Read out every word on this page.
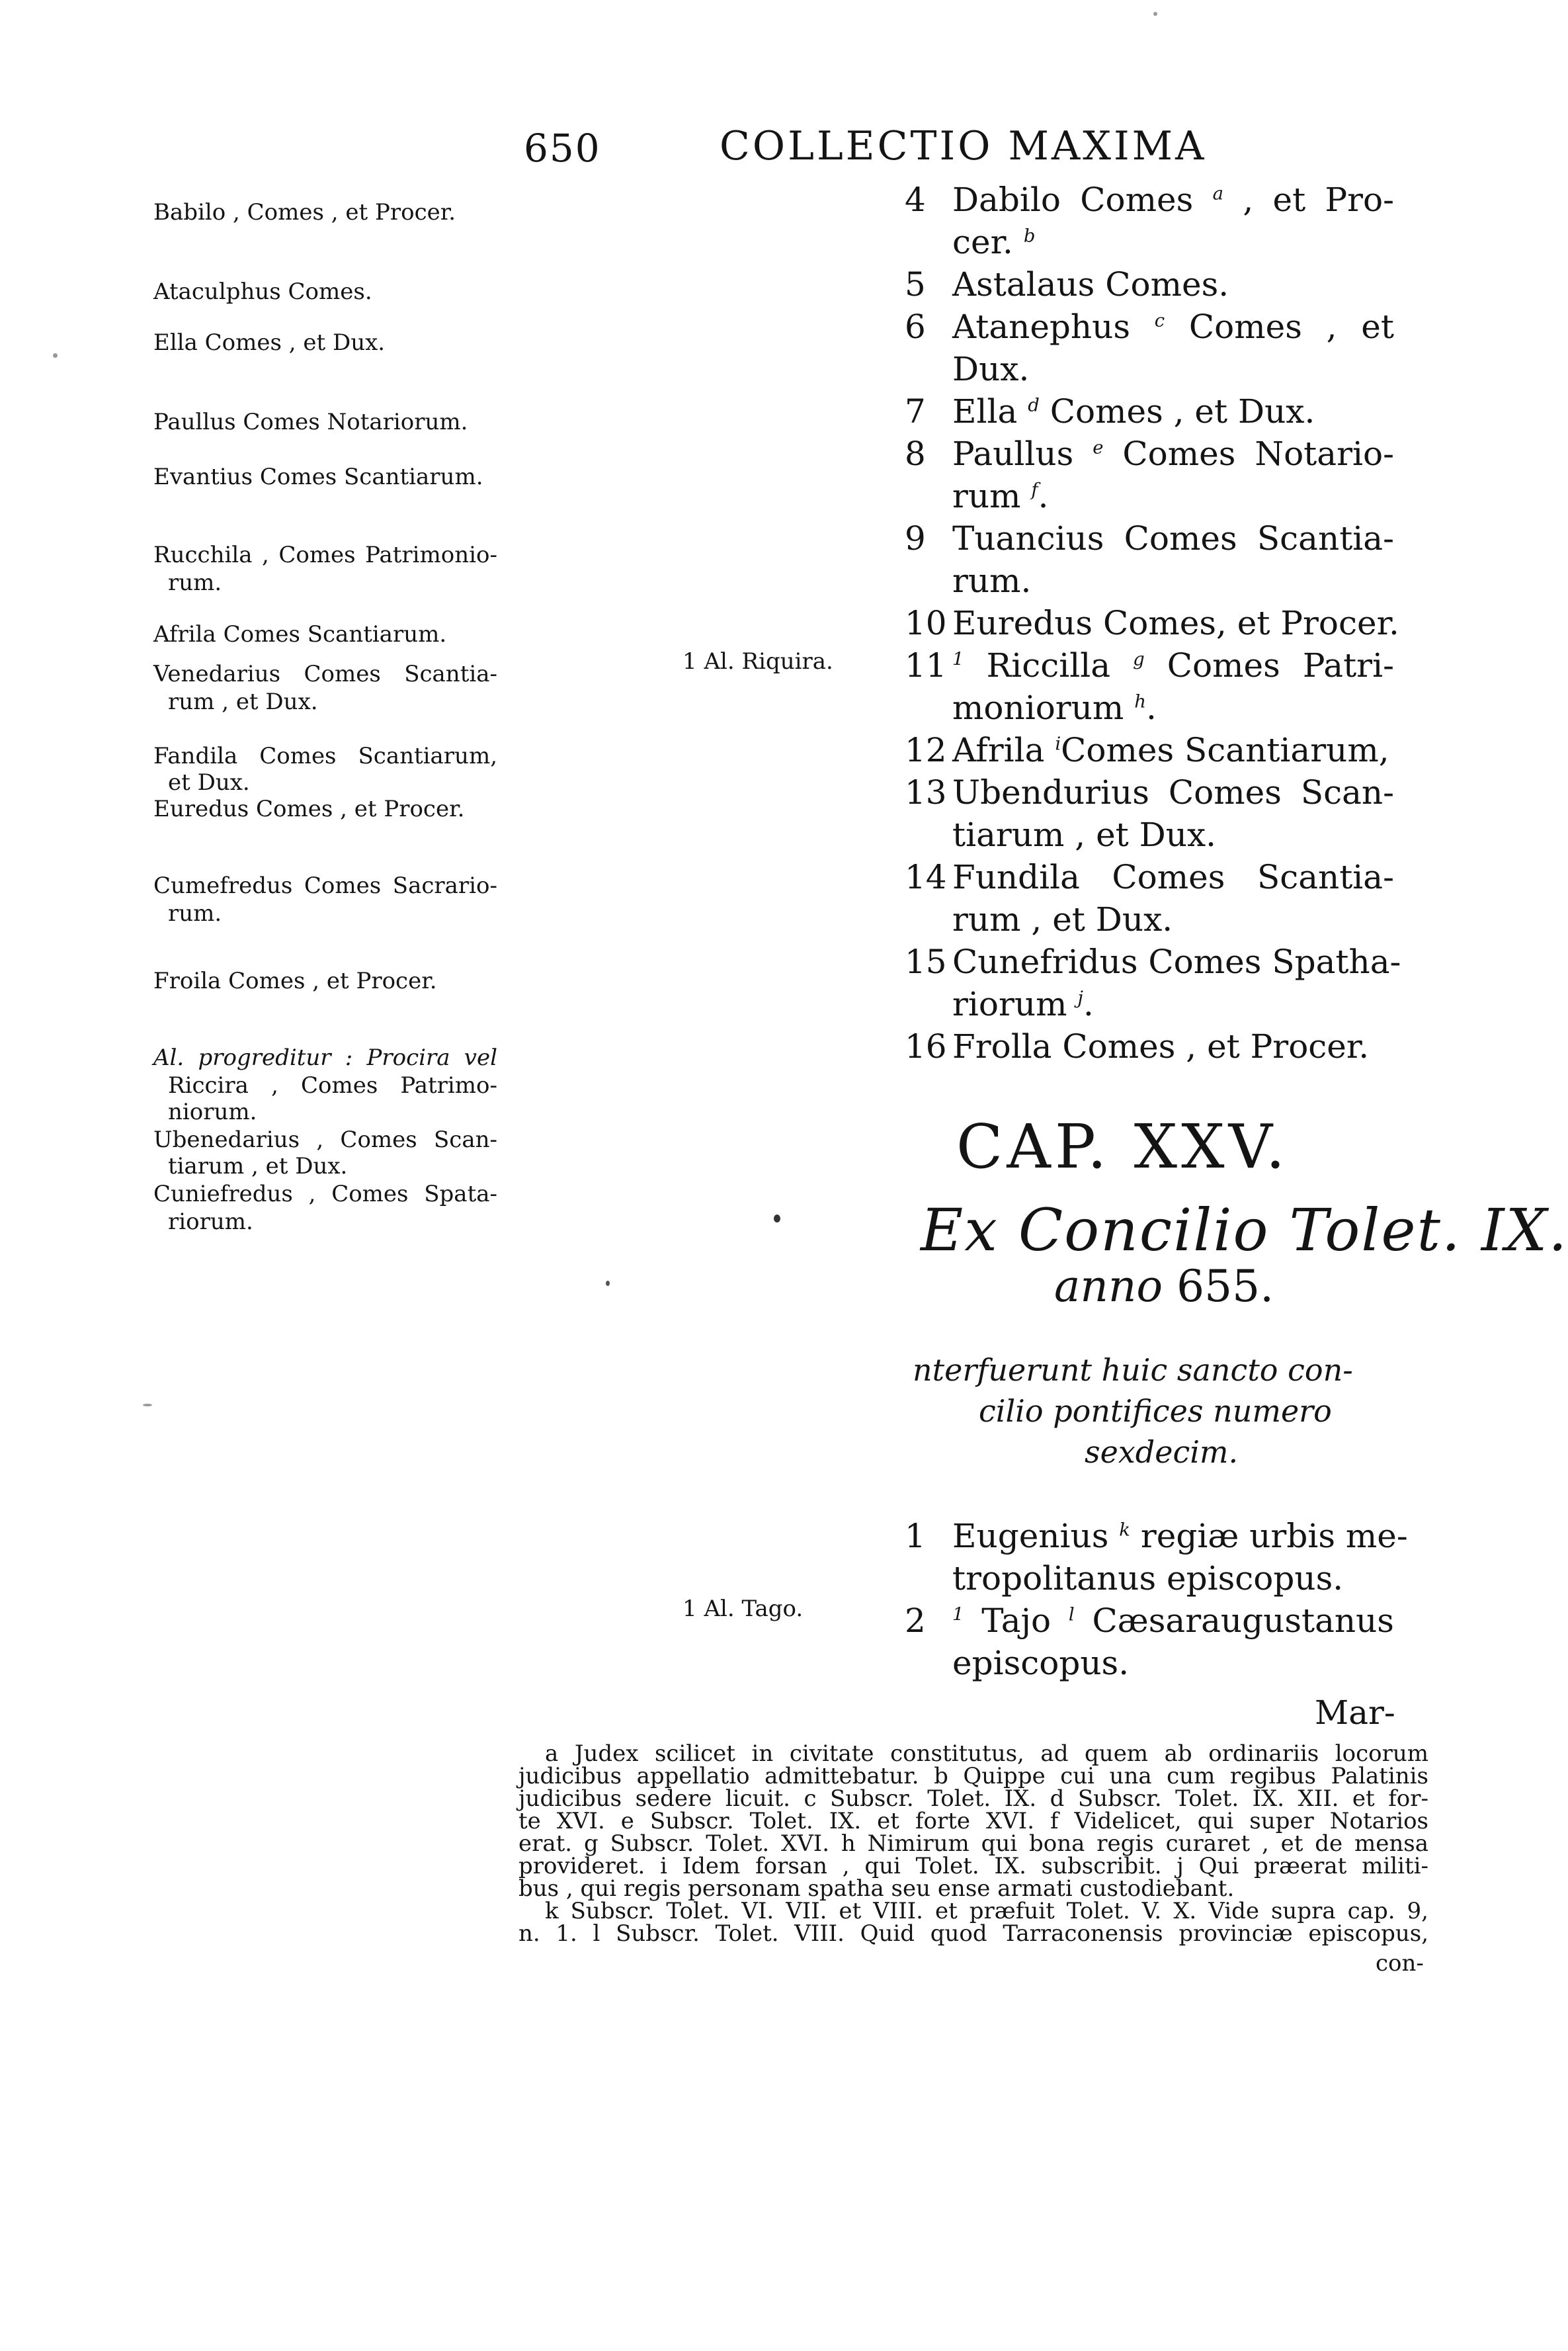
650	COLLECTIO MAXIMA
Babilo , Comes , et Procer.
Ataculphus Comes.
Ella Comes , et Dux.
Paullus Comes Notariorum.
Evantius Comes Scantiarum.
Rucchila , Comes Patrimonio-
rum.
Afrila Comes Scantiarum.
Venedarius Comes Scantia-
rum , et Dux.
Fandila Comes Scantiarum,
et Dux.
Euredus Comes , et Procer.
Cumefredus Comes Sacrario-
rum.
Froila Comes , et Procer.
Al. progreditur : Procira vel
Riccira , Comes Patrimo-
niorum.
Ubenedarius , Comes Scan-
tiarum , et Dux.
Cuniefredus , Comes Spata-
riorum.
1 Al. Riquira.
1 Al. Tago.
4 Dabilo Comes $^a$ , et Pro-
cer. $^b$
5 Astalaus Comes.
6 Atanephus $^c$ Comes , et
Dux.
7 Ella $^d$ Comes , et Dux.
8 Paullus $^e$ Comes Notario-
rum $^f$.
9 Tuancius Comes Scantia-
rum.
10 Euredus Comes, et Procer.
11 $^1$ Riccilla $^g$ Comes Patri-
moniorum $^h$.
12 Afrila $^i$Comes Scantiarum,
13 Ubendurius Comes Scan-
tiarum , et Dux.
14 Fundila Comes Scantia-
rum , et Dux.
15 Cunefridus Comes Spatha-
riorum $^j$.
16 Frolla Comes , et Procer.
CAP. XXV.
Ex Concilio Tolet. IX.
anno 655.
nterfuerunt huic sancto con-
cilio pontifices numero
sexdecim.
1 Eugenius $^k$ regiæ urbis me-
tropolitanus episcopus.
2 $^1$ Tajo $^l$ Cæsaraugustanus
episcopus.
Mar-
a Judex scilicet in civitate constitutus, ad quem ab ordinariis locorum
judicibus appellatio admittebatur. b Quippe cui una cum regibus Palatinis
judicibus sedere licuit. c Subscr. Tolet. IX. d Subscr. Tolet. IX. XII. et for-
te XVI. e Subscr. Tolet. IX. et forte XVI. f Videlicet, qui super Notarios
erat. g Subscr. Tolet. XVI. h Nimirum qui bona regis curaret , et de mensa
provideret. i Idem forsan , qui Tolet. IX. subscribit. j Qui præerat militi-
bus , qui regis personam spatha seu ense armati custodiebant.
k Subscr. Tolet. VI. VII. et VIII. et præfuit Tolet. V. X. Vide supra cap. 9,
n. 1. l Subscr. Tolet. VIII. Quid quod Tarraconensis provinciæ episcopus,
con-
